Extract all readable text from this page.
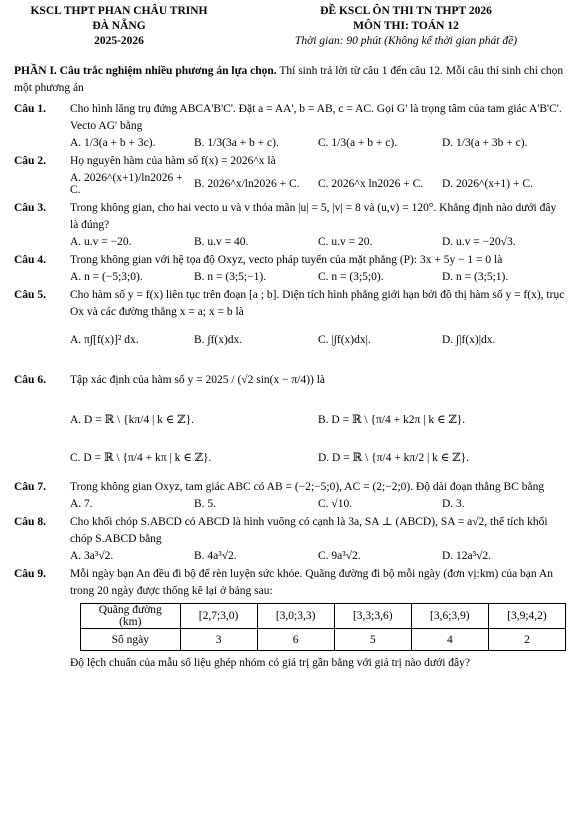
KSCL THPT PHAN CHÂU TRINH
ĐÀ NẴNG
2025-2026
ĐỀ KSCL ÔN THI TN THPT 2026
MÔN THI: TOÁN 12
Thời gian: 90 phút (Không kể thời gian phát đề)
PHẦN I. Câu trắc nghiệm nhiều phương án lựa chọn. Thí sinh trả lời từ câu 1 đến câu 12. Mỗi câu thí sinh chỉ chọn một phương án
Câu 1.	Cho hình lăng trụ đứng ABCA'B'C'. Đặt a = AA', b = AB, c = AC. Gọi G' là trọng tâm của tam giác A'B'C'. Vecto AG' bằng
A. 1/3(a + b + 3c).	B. 1/3(3a + b + c).	C. 1/3(a + b + c).	D. 1/3(a + 3b + c).
Câu 2.	Họ nguyên hàm của hàm số f(x) = 2026^x là
A. 2026^(x+1)/ln2026 + C.	B. 2026^x/ln2026 + C.	C. 2026^x ln2026 + C.	D. 2026^(x+1) + C.
Câu 3.	Trong không gian, cho hai vecto u và v thỏa mãn |u| = 5, |v| = 8 và (u,v) = 120°. Khẳng định nào dưới đây là đúng?
A. u.v = −20.	B. u.v = 40.	C. u.v = 20.	D. u.v = −20√3.
Câu 4.	Trong không gian với hệ tọa độ Oxyz, vecto pháp tuyến của mặt phẳng (P): 3x + 5y − 1 = 0 là
A. n = (−5;3;0).	B. n = (3;5;−1).	C. n = (3;5;0).	D. n = (3;5;1).
Câu 5.	Cho hàm số y = f(x) liên tục trên đoạn [a ; b]. Diện tích hình phẳng giới hạn bởi đồ thị hàm số y = f(x), trục Ox và các đường thẳng x = a; x = b là
A. π∫[f(x)]² dx.	B. ∫f(x)dx.	C. |∫f(x)dx|.	D. ∫|f(x)|dx.
Câu 6.	Tập xác định của hàm số y = 2025 / (√2 sin(x − π/4)) là
A. D = ℝ \ {kπ/4 | k ∈ ℤ}.	B. D = ℝ \ {π/4 + k2π | k ∈ ℤ}.
C. D = ℝ \ {π/4 + kπ | k ∈ ℤ}.	D. D = ℝ \ {π/4 + kπ/2 | k ∈ ℤ}.
Câu 7.	Trong không gian Oxyz, tam giác ABC có AB = (−2;−5;0), AC = (2;−2;0). Độ dài đoạn thẳng BC bằng
A. 7.	B. 5.	C. √10.	D. 3.
Câu 8.	Cho khối chóp S.ABCD có ABCD là hình vuông có cạnh là 3a, SA ⊥ (ABCD), SA = a√2, thể tích khối chóp S.ABCD bằng
A. 3a³√2.	B. 4a³√2.	C. 9a³√2.	D. 12a³√2.
Câu 9.	Mỗi ngày bạn An đều đi bộ để rèn luyện sức khỏe. Quãng đường đi bộ mỗi ngày (đơn vị:km) của bạn An trong 20 ngày được thống kê lại ở bảng sau:
Quãng đường (km)	[2,7;3,0)	[3,0;3,3)	[3,3;3,6)	[3,6;3,9)	[3,9;4,2)
Số ngày	3	6	5	4	2
Độ lệch chuẩn của mẫu số liệu ghép nhóm có giá trị gần bằng với giá trị nào dưới đây?
